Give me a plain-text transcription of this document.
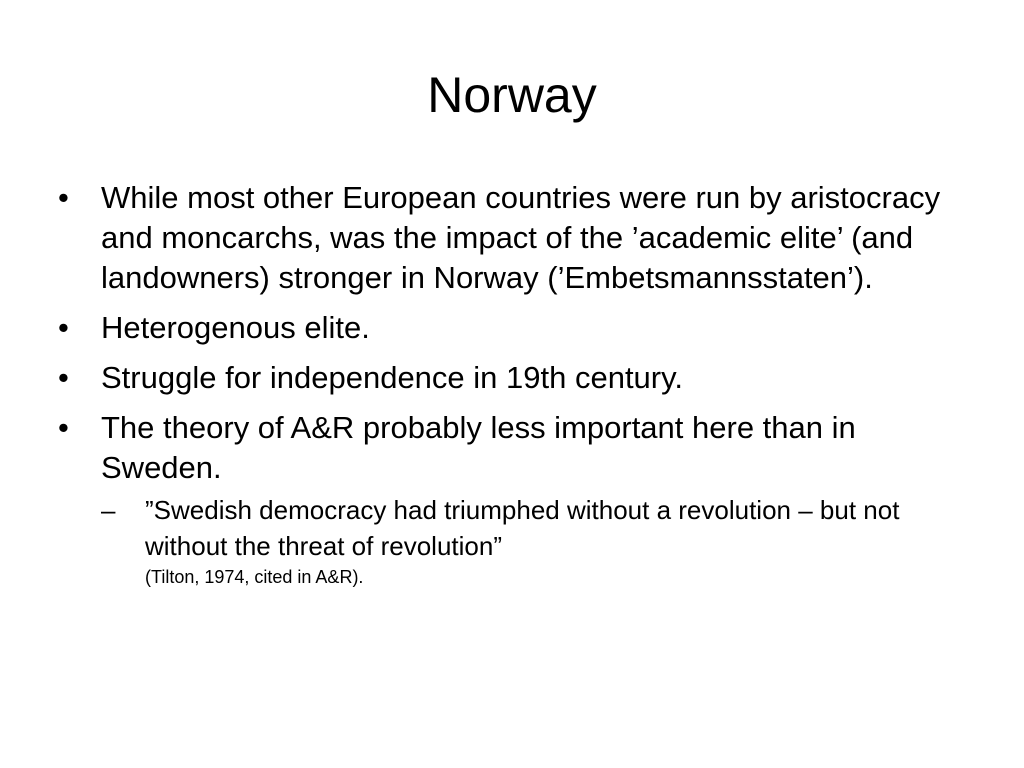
Norway
• While most other European countries were run by aristocracy and moncarchs, was the impact of the ’academic elite’ (and landowners) stronger in Norway (’Embetsmannsstaten’).
• Heterogenous elite.
• Struggle for independence in 19th century.
• The theory of A&R probably less important here than in Sweden.
– ”Swedish democracy had triumphed without a revolution – but not without the threat of revolution”
(Tilton, 1974, cited in A&R).
